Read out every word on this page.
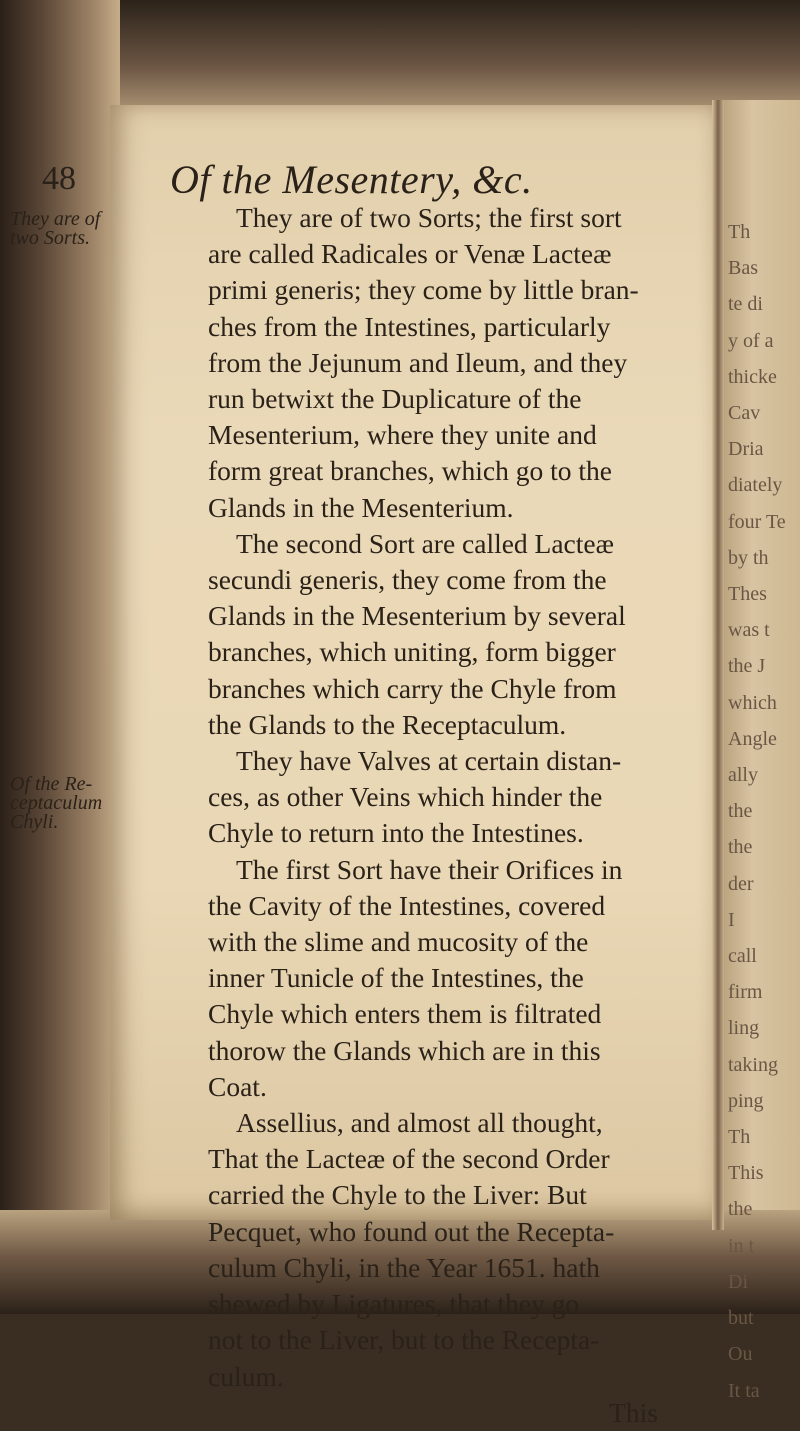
Th
Bas
te di
y of a
thicke
Cav
Dria
diately
four Te
by th
Thes
was t
the J
which
Angle
ally
the
the
der
I
call
firm
ling
taking
ping
Th
This
the
in t
Di
but
Ou
It ta

48 Of the Mesentery, &c.

They are of
two Sorts.
Of the Re-
ceptaculum
Chyli.
They are of two Sorts; the first sort
are called Radicales or Venæ Lacteæ
primi generis; they come by little bran-
ches from the Intestines, particularly
from the Jejunum and Ileum, and they
run betwixt the Duplicature of the
Mesenterium, where they unite and
form great branches, which go to the
Glands in the Mesenterium.
The second Sort are called Lacteæ
secundi generis, they come from the
Glands in the Mesenterium by several
branches, which uniting, form bigger
branches which carry the Chyle from
the Glands to the Receptaculum.
They have Valves at certain distan-
ces, as other Veins which hinder the
Chyle to return into the Intestines.
The first Sort have their Orifices in
the Cavity of the Intestines, covered
with the slime and mucosity of the
inner Tunicle of the Intestines, the
Chyle which enters them is filtrated
thorow the Glands which are in this
Coat.
Assellius, and almost all thought,
That the Lacteæ of the second Order
carried the Chyle to the Liver: But
Pecquet, who found out the Recepta-
culum Chyli, in the Year 1651. hath
shewed by Ligatures, that they go
not to the Liver, but to the Recepta-
culum.
This
